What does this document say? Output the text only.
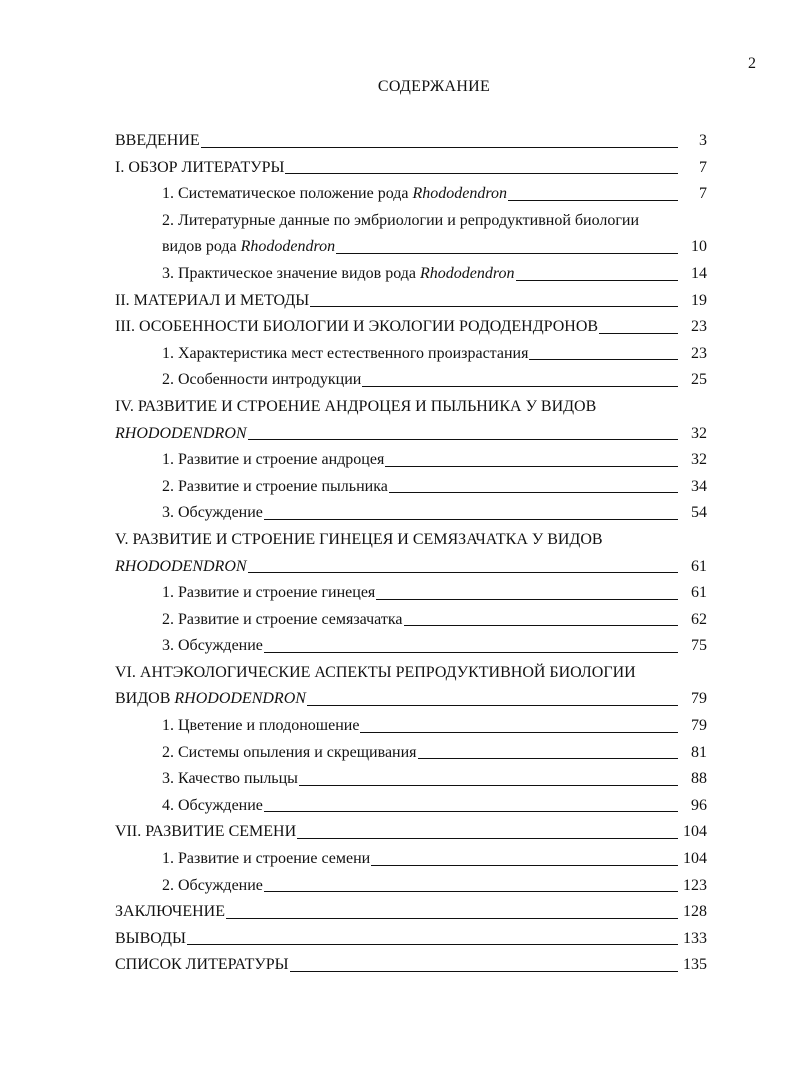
2
СОДЕРЖАНИЕ
ВВЕДЕНИЕ	3
I. ОБЗОР ЛИТЕРАТУРЫ	7
1. Систематическое положение рода Rhododendron	7
2. Литературные данные по эмбриологии и репродуктивной биологии
видов рода Rhododendron	10
3. Практическое значение видов рода Rhododendron	14
II. МАТЕРИАЛ И МЕТОДЫ	19
III. ОСОБЕННОСТИ БИОЛОГИИ И ЭКОЛОГИИ РОДОДЕНДРОНОВ	23
1. Характеристика мест естественного произрастания	23
2. Особенности интродукции	25
IV. РАЗВИТИЕ И СТРОЕНИЕ АНДРОЦЕЯ И ПЫЛЬНИКА У ВИДОВ
RHODODENDRON	32
1. Развитие и строение андроцея	32
2. Развитие и строение пыльника	34
3. Обсуждение	54
V. РАЗВИТИЕ И СТРОЕНИЕ ГИНЕЦЕЯ И СЕМЯЗАЧАТКА У ВИДОВ
RHODODENDRON	61
1. Развитие и строение гинецея	61
2. Развитие и строение семязачатка	62
3. Обсуждение	75
VI. АНТЭКОЛОГИЧЕСКИЕ АСПЕКТЫ РЕПРОДУКТИВНОЙ БИОЛОГИИ
ВИДОВ RHODODENDRON	79
1. Цветение и плодоношение	79
2. Системы опыления и скрещивания	81
3. Качество пыльцы	88
4. Обсуждение	96
VII. РАЗВИТИЕ СЕМЕНИ	104
1. Развитие и строение семени	104
2. Обсуждение	123
ЗАКЛЮЧЕНИЕ	128
ВЫВОДЫ	133
СПИСОК ЛИТЕРАТУРЫ	135
